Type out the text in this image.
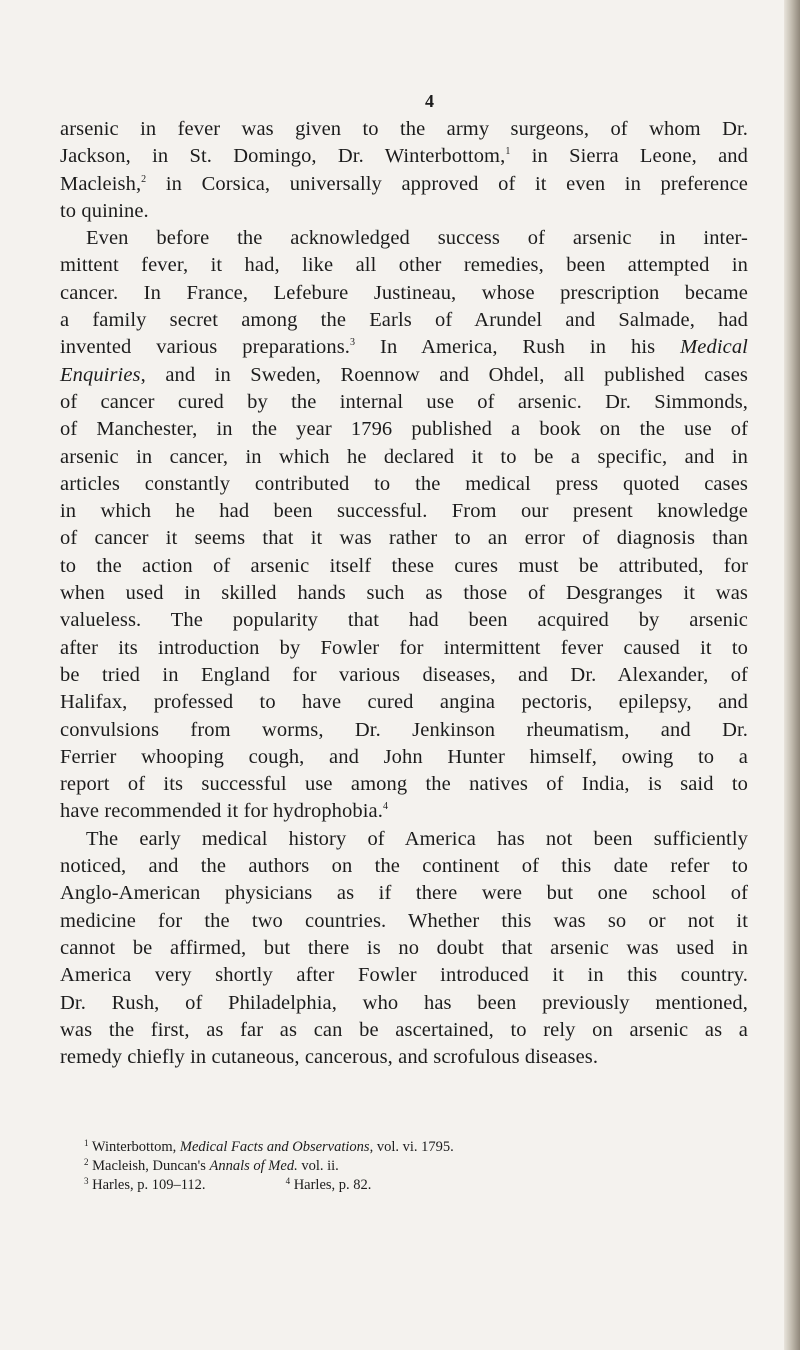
4
arsenic in fever was given to the army surgeons, of whom Dr.
Jackson, in St. Domingo, Dr. Winterbottom,$^1$ in Sierra Leone, and
Macleish,$^2$ in Corsica, universally approved of it even in preference
to quinine.
Even before the acknowledged success of arsenic in inter-
mittent fever, it had, like all other remedies, been attempted in
cancer. In France, Lefebure Justineau, whose prescription became
a family secret among the Earls of Arundel and Salmade, had
invented various preparations.$^3$ In America, Rush in his Medical
Enquiries, and in Sweden, Roennow and Ohdel, all published cases
of cancer cured by the internal use of arsenic. Dr. Simmonds,
of Manchester, in the year 1796 published a book on the use of
arsenic in cancer, in which he declared it to be a specific, and in
articles constantly contributed to the medical press quoted cases
in which he had been successful. From our present knowledge
of cancer it seems that it was rather to an error of diagnosis than
to the action of arsenic itself these cures must be attributed, for
when used in skilled hands such as those of Desgranges it was
valueless. The popularity that had been acquired by arsenic
after its introduction by Fowler for intermittent fever caused it to
be tried in England for various diseases, and Dr. Alexander, of
Halifax, professed to have cured angina pectoris, epilepsy, and
convulsions from worms, Dr. Jenkinson rheumatism, and Dr.
Ferrier whooping cough, and John Hunter himself, owing to a
report of its successful use among the natives of India, is said to
have recommended it for hydrophobia.$^4$
The early medical history of America has not been sufficiently
noticed, and the authors on the continent of this date refer to
Anglo-American physicians as if there were but one school of
medicine for the two countries. Whether this was so or not it
cannot be affirmed, but there is no doubt that arsenic was used in
America very shortly after Fowler introduced it in this country.
Dr. Rush, of Philadelphia, who has been previously mentioned,
was the first, as far as can be ascertained, to rely on arsenic as a
remedy chiefly in cutaneous, cancerous, and scrofulous diseases.
$^1$ Winterbottom, Medical Facts and Observations, vol. vi. 1795.
$^2$ Macleish, Duncan's Annals of Med. vol. ii.
$^3$ Harles, p. 109–112.	$^4$ Harles, p. 82.
